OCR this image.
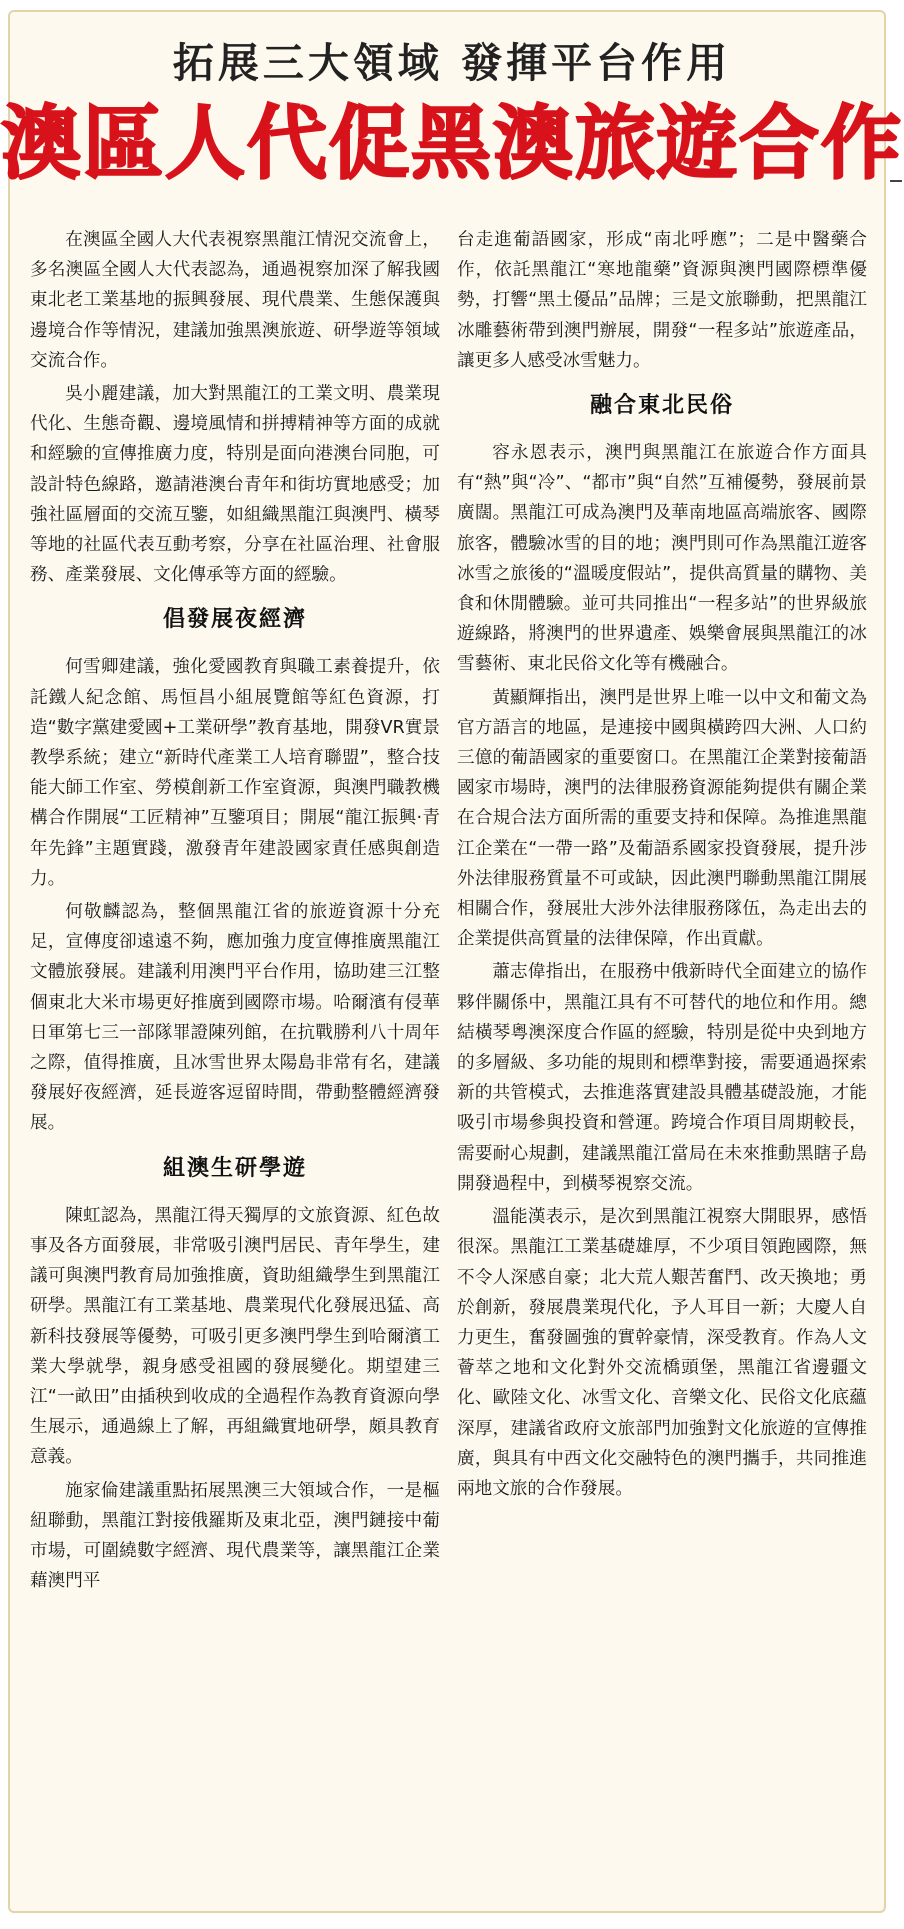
拓展三大領域 發揮平台作用
澳區人代促黑澳旅遊合作

在澳區全國人大代表視察黑龍江情況交流會上，多名澳區全國人大代表認為，通過視察加深了解我國東北老工業基地的振興發展、現代農業、生態保護與邊境合作等情況，建議加強黑澳旅遊、研學遊等領域交流合作。

吳小麗建議，加大對黑龍江的工業文明、農業現代化、生態奇觀、邊境風情和拼搏精神等方面的成就和經驗的宣傳推廣力度，特別是面向港澳台同胞，可設計特色線路，邀請港澳台青年和街坊實地感受；加強社區層面的交流互鑒，如組織黑龍江與澳門、橫琴等地的社區代表互動考察，分享在社區治理、社會服務、產業發展、文化傳承等方面的經驗。

倡發展夜經濟

何雪卿建議，強化愛國教育與職工素養提升，依託鐵人紀念館、馬恒昌小組展覽館等紅色資源，打造“數字黨建愛國+工業研學”教育基地，開發VR實景教學系統；建立“新時代產業工人培育聯盟”，整合技能大師工作室、勞模創新工作室資源，與澳門職教機構合作開展“工匠精神”互鑒項目；開展“龍江振興·青年先鋒”主題實踐，激發青年建設國家責任感與創造力。

何敬麟認為，整個黑龍江省的旅遊資源十分充足，宣傳度卻遠遠不夠，應加強力度宣傳推廣黑龍江文體旅發展。建議利用澳門平台作用，協助建三江整個東北大米市場更好推廣到國際市場。哈爾濱有侵華日軍第七三一部隊罪證陳列館，在抗戰勝利八十周年之際，值得推廣，且冰雪世界太陽島非常有名，建議發展好夜經濟，延長遊客逗留時間，帶動整體經濟發展。

組澳生研學遊

陳虹認為，黑龍江得天獨厚的文旅資源、紅色故事及各方面發展，非常吸引澳門居民、青年學生，建議可與澳門教育局加強推廣，資助組織學生到黑龍江研學。黑龍江有工業基地、農業現代化發展迅猛、高新科技發展等優勢，可吸引更多澳門學生到哈爾濱工業大學就學，親身感受祖國的發展變化。期望建三江“一畝田”由插秧到收成的全過程作為教育資源向學生展示，通過線上了解，再組織實地研學，頗具教育意義。

施家倫建議重點拓展黑澳三大領域合作，一是樞紐聯動，黑龍江對接俄羅斯及東北亞，澳門鏈接中葡市場，可圍繞數字經濟、現代農業等，讓黑龍江企業藉澳門平

台走進葡語國家，形成“南北呼應”；二是中醫藥合作，依託黑龍江“寒地龍藥”資源與澳門國際標準優勢，打響“黑土優品”品牌；三是文旅聯動，把黑龍江冰雕藝術帶到澳門辦展，開發“一程多站”旅遊產品，讓更多人感受冰雪魅力。

融合東北民俗

容永恩表示，澳門與黑龍江在旅遊合作方面具有“熱”與“冷”、“都市”與“自然”互補優勢，發展前景廣闊。黑龍江可成為澳門及華南地區高端旅客、國際旅客，體驗冰雪的目的地；澳門則可作為黑龍江遊客冰雪之旅後的“溫暖度假站”，提供高質量的購物、美食和休閒體驗。並可共同推出“一程多站”的世界級旅遊線路，將澳門的世界遺產、娛樂會展與黑龍江的冰雪藝術、東北民俗文化等有機融合。

黃顯輝指出，澳門是世界上唯一以中文和葡文為官方語言的地區，是連接中國與橫跨四大洲、人口約三億的葡語國家的重要窗口。在黑龍江企業對接葡語國家市場時，澳門的法律服務資源能夠提供有關企業在合規合法方面所需的重要支持和保障。為推進黑龍江企業在“一帶一路”及葡語系國家投資發展，提升涉外法律服務質量不可或缺，因此澳門聯動黑龍江開展相關合作，發展壯大涉外法律服務隊伍，為走出去的企業提供高質量的法律保障，作出貢獻。

蕭志偉指出，在服務中俄新時代全面建立的協作夥伴關係中，黑龍江具有不可替代的地位和作用。總結橫琴粵澳深度合作區的經驗，特別是從中央到地方的多層級、多功能的規則和標準對接，需要通過探索新的共管模式，去推進落實建設具體基礎設施，才能吸引市場參與投資和營運。跨境合作項目周期較長，需要耐心規劃，建議黑龍江當局在未來推動黑瞎子島開發過程中，到橫琴視察交流。

溫能漢表示，是次到黑龍江視察大開眼界，感悟很深。黑龍江工業基礎雄厚，不少項目領跑國際，無不令人深感自豪；北大荒人艱苦奮鬥、改天換地；勇於創新，發展農業現代化，予人耳目一新；大慶人自力更生，奮發圖強的實幹豪情，深受教育。作為人文薈萃之地和文化對外交流橋頭堡，黑龍江省邊疆文化、歐陸文化、冰雪文化、音樂文化、民俗文化底蘊深厚，建議省政府文旅部門加強對文化旅遊的宣傳推廣，與具有中西文化交融特色的澳門攜手，共同推進兩地文旅的合作發展。
